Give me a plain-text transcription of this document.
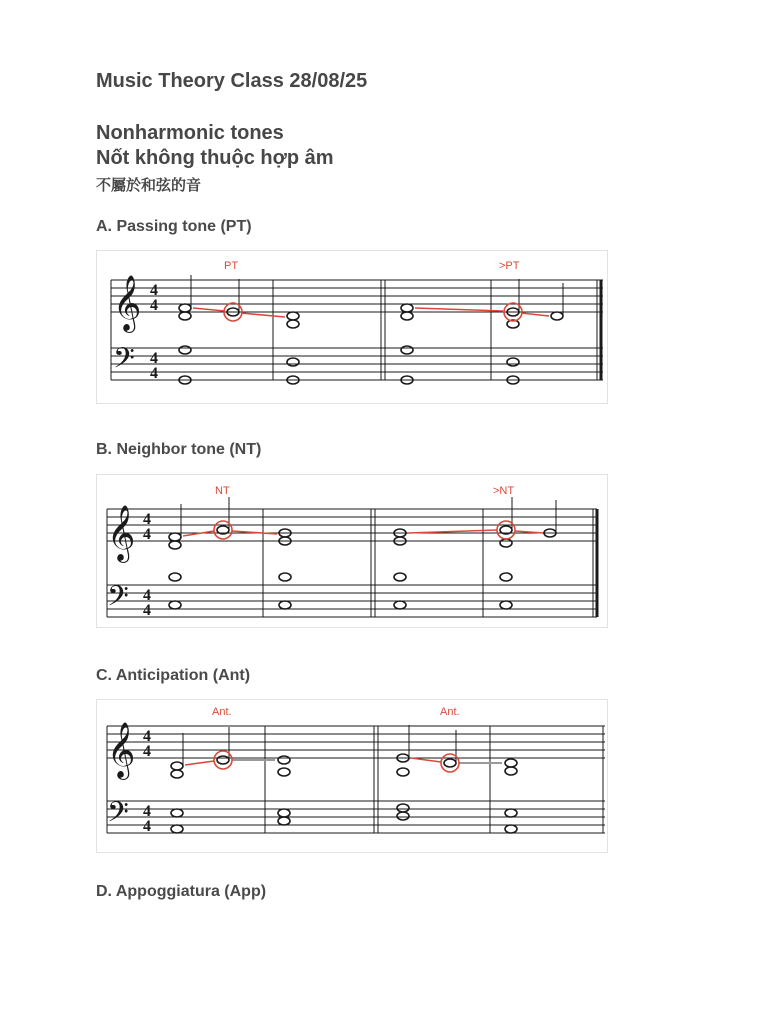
Music Theory Class 28/08/25
Nonharmonic tones
Nốt không thuộc hợp âm
不屬於和弦的音
A. Passing tone (PT)
𝄞
𝄢
4
4
4
4
PT	>PT
B. Neighbor tone (NT)
𝄞
𝄢
4
4
4
4
NT	>NT
C. Anticipation (Ant)
𝄞
𝄢
4
4
4
4
Ant.	Ant.
D. Appoggiatura (App)
